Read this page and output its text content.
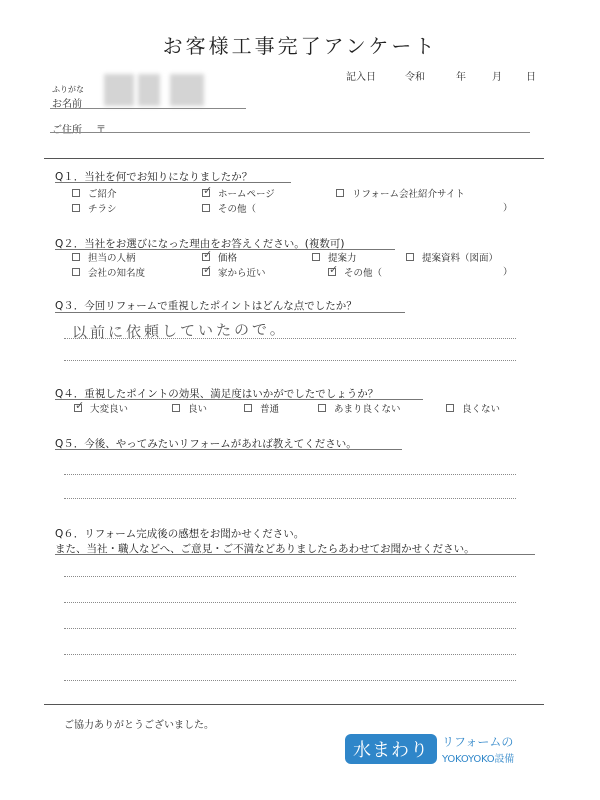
お客様工事完了アンケート
記入日	令和	年	月 日
ふりがな
お名前
ご住所 〒
Q１．当社を何でお知りになりましたか？
ご紹介 ✓	ホームページ	リフォーム会社紹介サイト
チラシ	その他（	）
Q２．当社をお選びになった理由をお答えください。(複数可)
担当の人柄 ✓	価格	提案力	提案資料（図面）
会社の知名度 ✓	家から近い ✓	その他（	）
Q３．今回リフォームで重視したポイントはどんな点でしたか？
以前に依頼していたので。
Q４．重視したポイントの効果、満足度はいかがでしたでしょうか？
✓
大変良い	良い	普通	あまり良くない	良くない
Q５．今後、やってみたいリフォームがあれば教えてください。
Q６．リフォーム完成後の感想をお聞かせください。
また、当社・職人などへ、ご意見・ご不満などありましたらあわせてお聞かせください。
ご協力ありがとうございました。
水まわり	リフォームの
YOKOYOKO設備
